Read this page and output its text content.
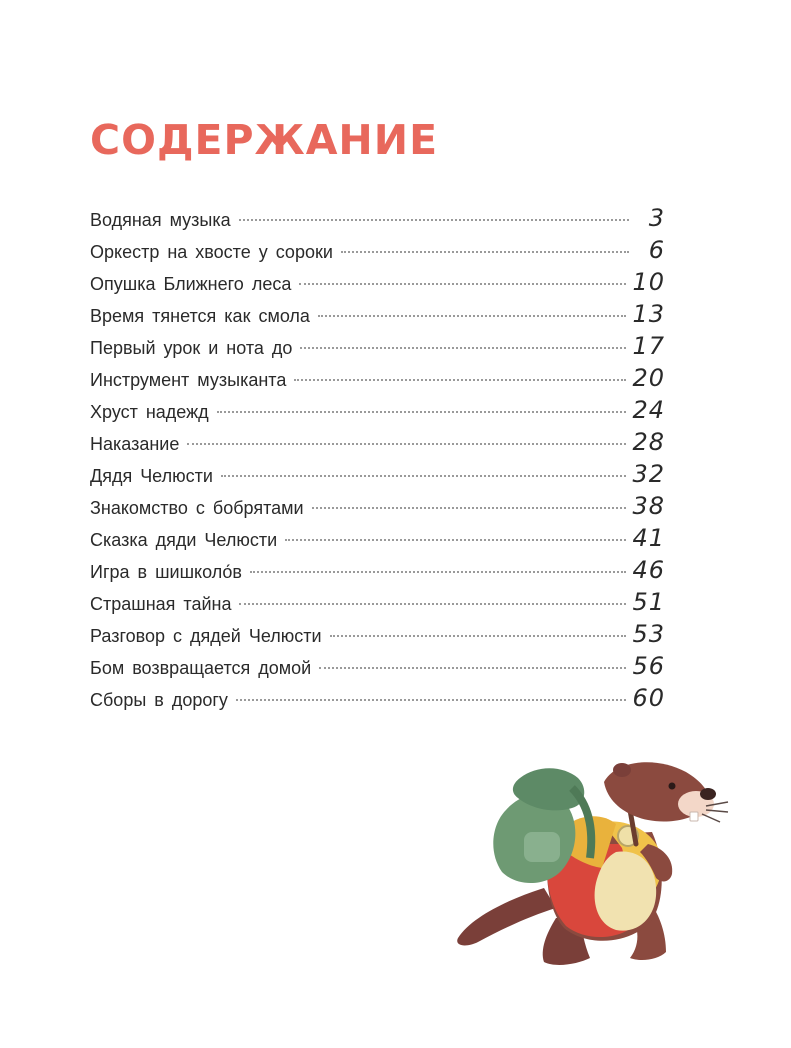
СОДЕРЖАНИЕ
Водяная музыка	3
Оркестр на хвосте у сороки	6
Опушка Ближнего леса	10
Время тянется как смола	13
Первый урок и нота до	17
Инструмент музыканта	20
Хруст надежд	24
Наказание	28
Дядя Челюсти	32
Знакомство с бобрятами	38
Сказка дяди Челюсти	41
Игра в шишколо́в	46
Страшная тайна	51
Разговор с дядей Челюсти	53
Бом возвращается домой	56
Сборы в дорогу	60
